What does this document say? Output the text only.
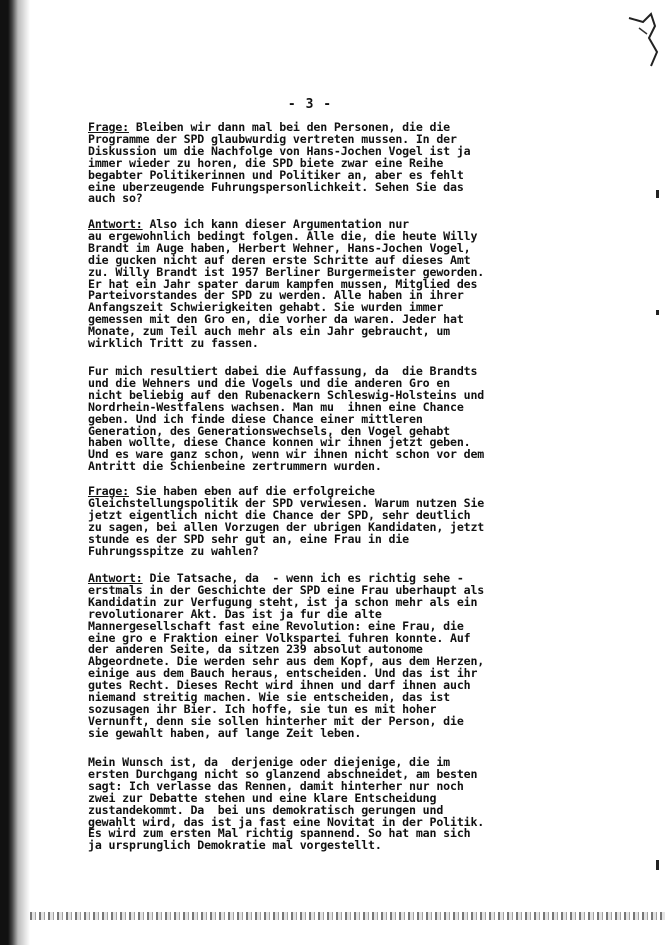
- 3 -
Frage: Bleiben wir dann mal bei den Personen, die die
Programme der SPD glaubwurdig vertreten mussen. In der
Diskussion um die Nachfolge von Hans-Jochen Vogel ist ja
immer wieder zu horen, die SPD biete zwar eine Reihe
begabter Politikerinnen und Politiker an, aber es fehlt
eine uberzeugende Fuhrungspersonlichkeit. Sehen Sie das
auch so?
Antwort: Also ich kann dieser Argumentation nur
au ergewohnlich bedingt folgen. Alle die, die heute Willy
Brandt im Auge haben, Herbert Wehner, Hans-Jochen Vogel,
die gucken nicht auf deren erste Schritte auf dieses Amt
zu. Willy Brandt ist 1957 Berliner Burgermeister geworden.
Er hat ein Jahr spater darum kampfen mussen, Mitglied des
Parteivorstandes der SPD zu werden. Alle haben in ihrer
Anfangszeit Schwierigkeiten gehabt. Sie wurden immer
gemessen mit den Gro en, die vorher da waren. Jeder hat
Monate, zum Teil auch mehr als ein Jahr gebraucht, um
wirklich Tritt zu fassen.
Fur mich resultiert dabei die Auffassung, da  die Brandts
und die Wehners und die Vogels und die anderen Gro en
nicht beliebig auf den Rubenackern Schleswig-Holsteins und
Nordrhein-Westfalens wachsen. Man mu  ihnen eine Chance
geben. Und ich finde diese Chance einer mittleren
Generation, des Generationswechsels, den Vogel gehabt
haben wollte, diese Chance konnen wir ihnen jetzt geben.
Und es ware ganz schon, wenn wir ihnen nicht schon vor dem
Antritt die Schienbeine zertrummern wurden.
Frage: Sie haben eben auf die erfolgreiche
Gleichstellungspolitik der SPD verwiesen. Warum nutzen Sie
jetzt eigentlich nicht die Chance der SPD, sehr deutlich
zu sagen, bei allen Vorzugen der ubrigen Kandidaten, jetzt
stunde es der SPD sehr gut an, eine Frau in die
Fuhrungsspitze zu wahlen?
Antwort: Die Tatsache, da  - wenn ich es richtig sehe -
erstmals in der Geschichte der SPD eine Frau uberhaupt als
Kandidatin zur Verfugung steht, ist ja schon mehr als ein
revolutionarer Akt. Das ist ja fur die alte
Mannergesellschaft fast eine Revolution: eine Frau, die
eine gro e Fraktion einer Volkspartei fuhren konnte. Auf
der anderen Seite, da sitzen 239 absolut autonome
Abgeordnete. Die werden sehr aus dem Kopf, aus dem Herzen,
einige aus dem Bauch heraus, entscheiden. Und das ist ihr
gutes Recht. Dieses Recht wird ihnen und darf ihnen auch
niemand streitig machen. Wie sie entscheiden, das ist
sozusagen ihr Bier. Ich hoffe, sie tun es mit hoher
Vernunft, denn sie sollen hinterher mit der Person, die
sie gewahlt haben, auf lange Zeit leben.
Mein Wunsch ist, da  derjenige oder diejenige, die im
ersten Durchgang nicht so glanzend abschneidet, am besten
sagt: Ich verlasse das Rennen, damit hinterher nur noch
zwei zur Debatte stehen und eine klare Entscheidung
zustandekommt. Da  bei uns demokratisch gerungen und
gewahlt wird, das ist ja fast eine Novitat in der Politik.
Es wird zum ersten Mal richtig spannend. So hat man sich
ja ursprunglich Demokratie mal vorgestellt.
